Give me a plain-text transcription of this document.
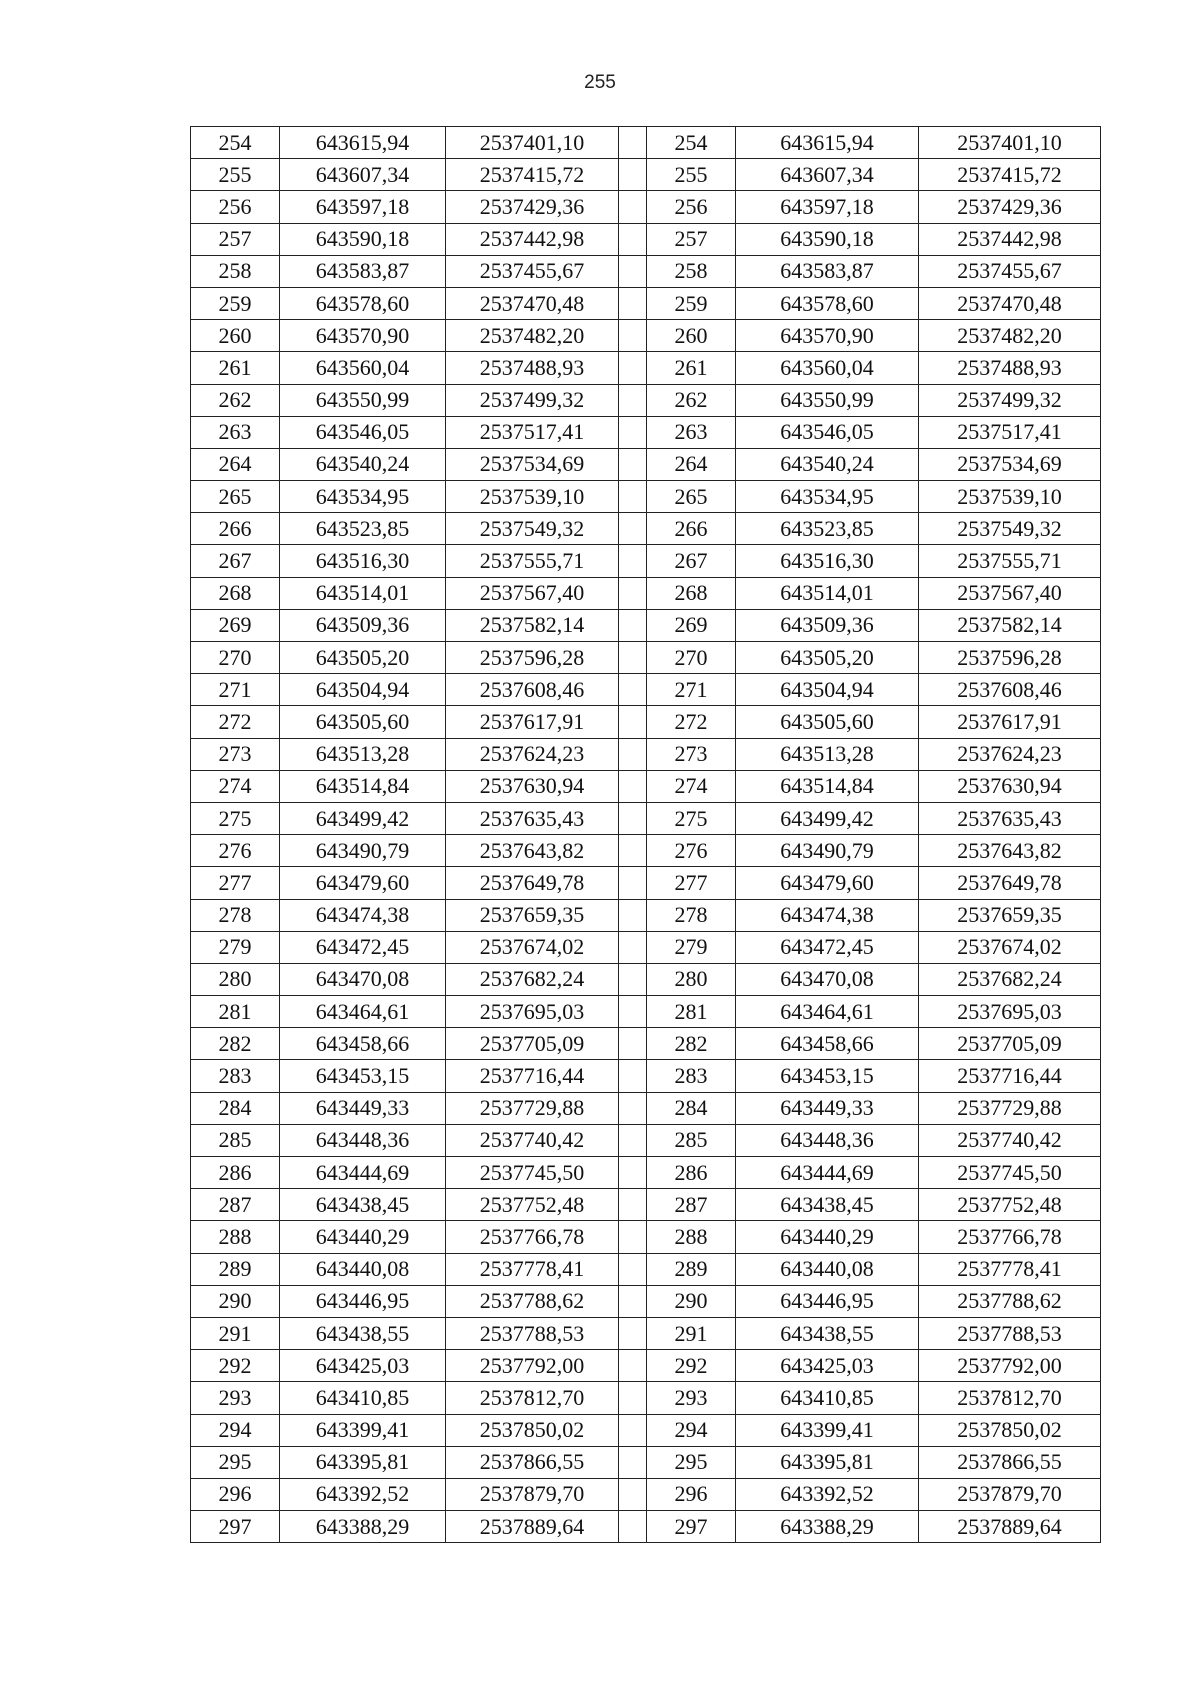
255
254	643615,94	2537401,10		254	643615,94	2537401,10
255	643607,34	2537415,72		255	643607,34	2537415,72
256	643597,18	2537429,36		256	643597,18	2537429,36
257	643590,18	2537442,98		257	643590,18	2537442,98
258	643583,87	2537455,67		258	643583,87	2537455,67
259	643578,60	2537470,48		259	643578,60	2537470,48
260	643570,90	2537482,20		260	643570,90	2537482,20
261	643560,04	2537488,93		261	643560,04	2537488,93
262	643550,99	2537499,32		262	643550,99	2537499,32
263	643546,05	2537517,41		263	643546,05	2537517,41
264	643540,24	2537534,69		264	643540,24	2537534,69
265	643534,95	2537539,10		265	643534,95	2537539,10
266	643523,85	2537549,32		266	643523,85	2537549,32
267	643516,30	2537555,71		267	643516,30	2537555,71
268	643514,01	2537567,40		268	643514,01	2537567,40
269	643509,36	2537582,14		269	643509,36	2537582,14
270	643505,20	2537596,28		270	643505,20	2537596,28
271	643504,94	2537608,46		271	643504,94	2537608,46
272	643505,60	2537617,91		272	643505,60	2537617,91
273	643513,28	2537624,23		273	643513,28	2537624,23
274	643514,84	2537630,94		274	643514,84	2537630,94
275	643499,42	2537635,43		275	643499,42	2537635,43
276	643490,79	2537643,82		276	643490,79	2537643,82
277	643479,60	2537649,78		277	643479,60	2537649,78
278	643474,38	2537659,35		278	643474,38	2537659,35
279	643472,45	2537674,02		279	643472,45	2537674,02
280	643470,08	2537682,24		280	643470,08	2537682,24
281	643464,61	2537695,03		281	643464,61	2537695,03
282	643458,66	2537705,09		282	643458,66	2537705,09
283	643453,15	2537716,44		283	643453,15	2537716,44
284	643449,33	2537729,88		284	643449,33	2537729,88
285	643448,36	2537740,42		285	643448,36	2537740,42
286	643444,69	2537745,50		286	643444,69	2537745,50
287	643438,45	2537752,48		287	643438,45	2537752,48
288	643440,29	2537766,78		288	643440,29	2537766,78
289	643440,08	2537778,41		289	643440,08	2537778,41
290	643446,95	2537788,62		290	643446,95	2537788,62
291	643438,55	2537788,53		291	643438,55	2537788,53
292	643425,03	2537792,00		292	643425,03	2537792,00
293	643410,85	2537812,70		293	643410,85	2537812,70
294	643399,41	2537850,02		294	643399,41	2537850,02
295	643395,81	2537866,55		295	643395,81	2537866,55
296	643392,52	2537879,70		296	643392,52	2537879,70
297	643388,29	2537889,64		297	643388,29	2537889,64
